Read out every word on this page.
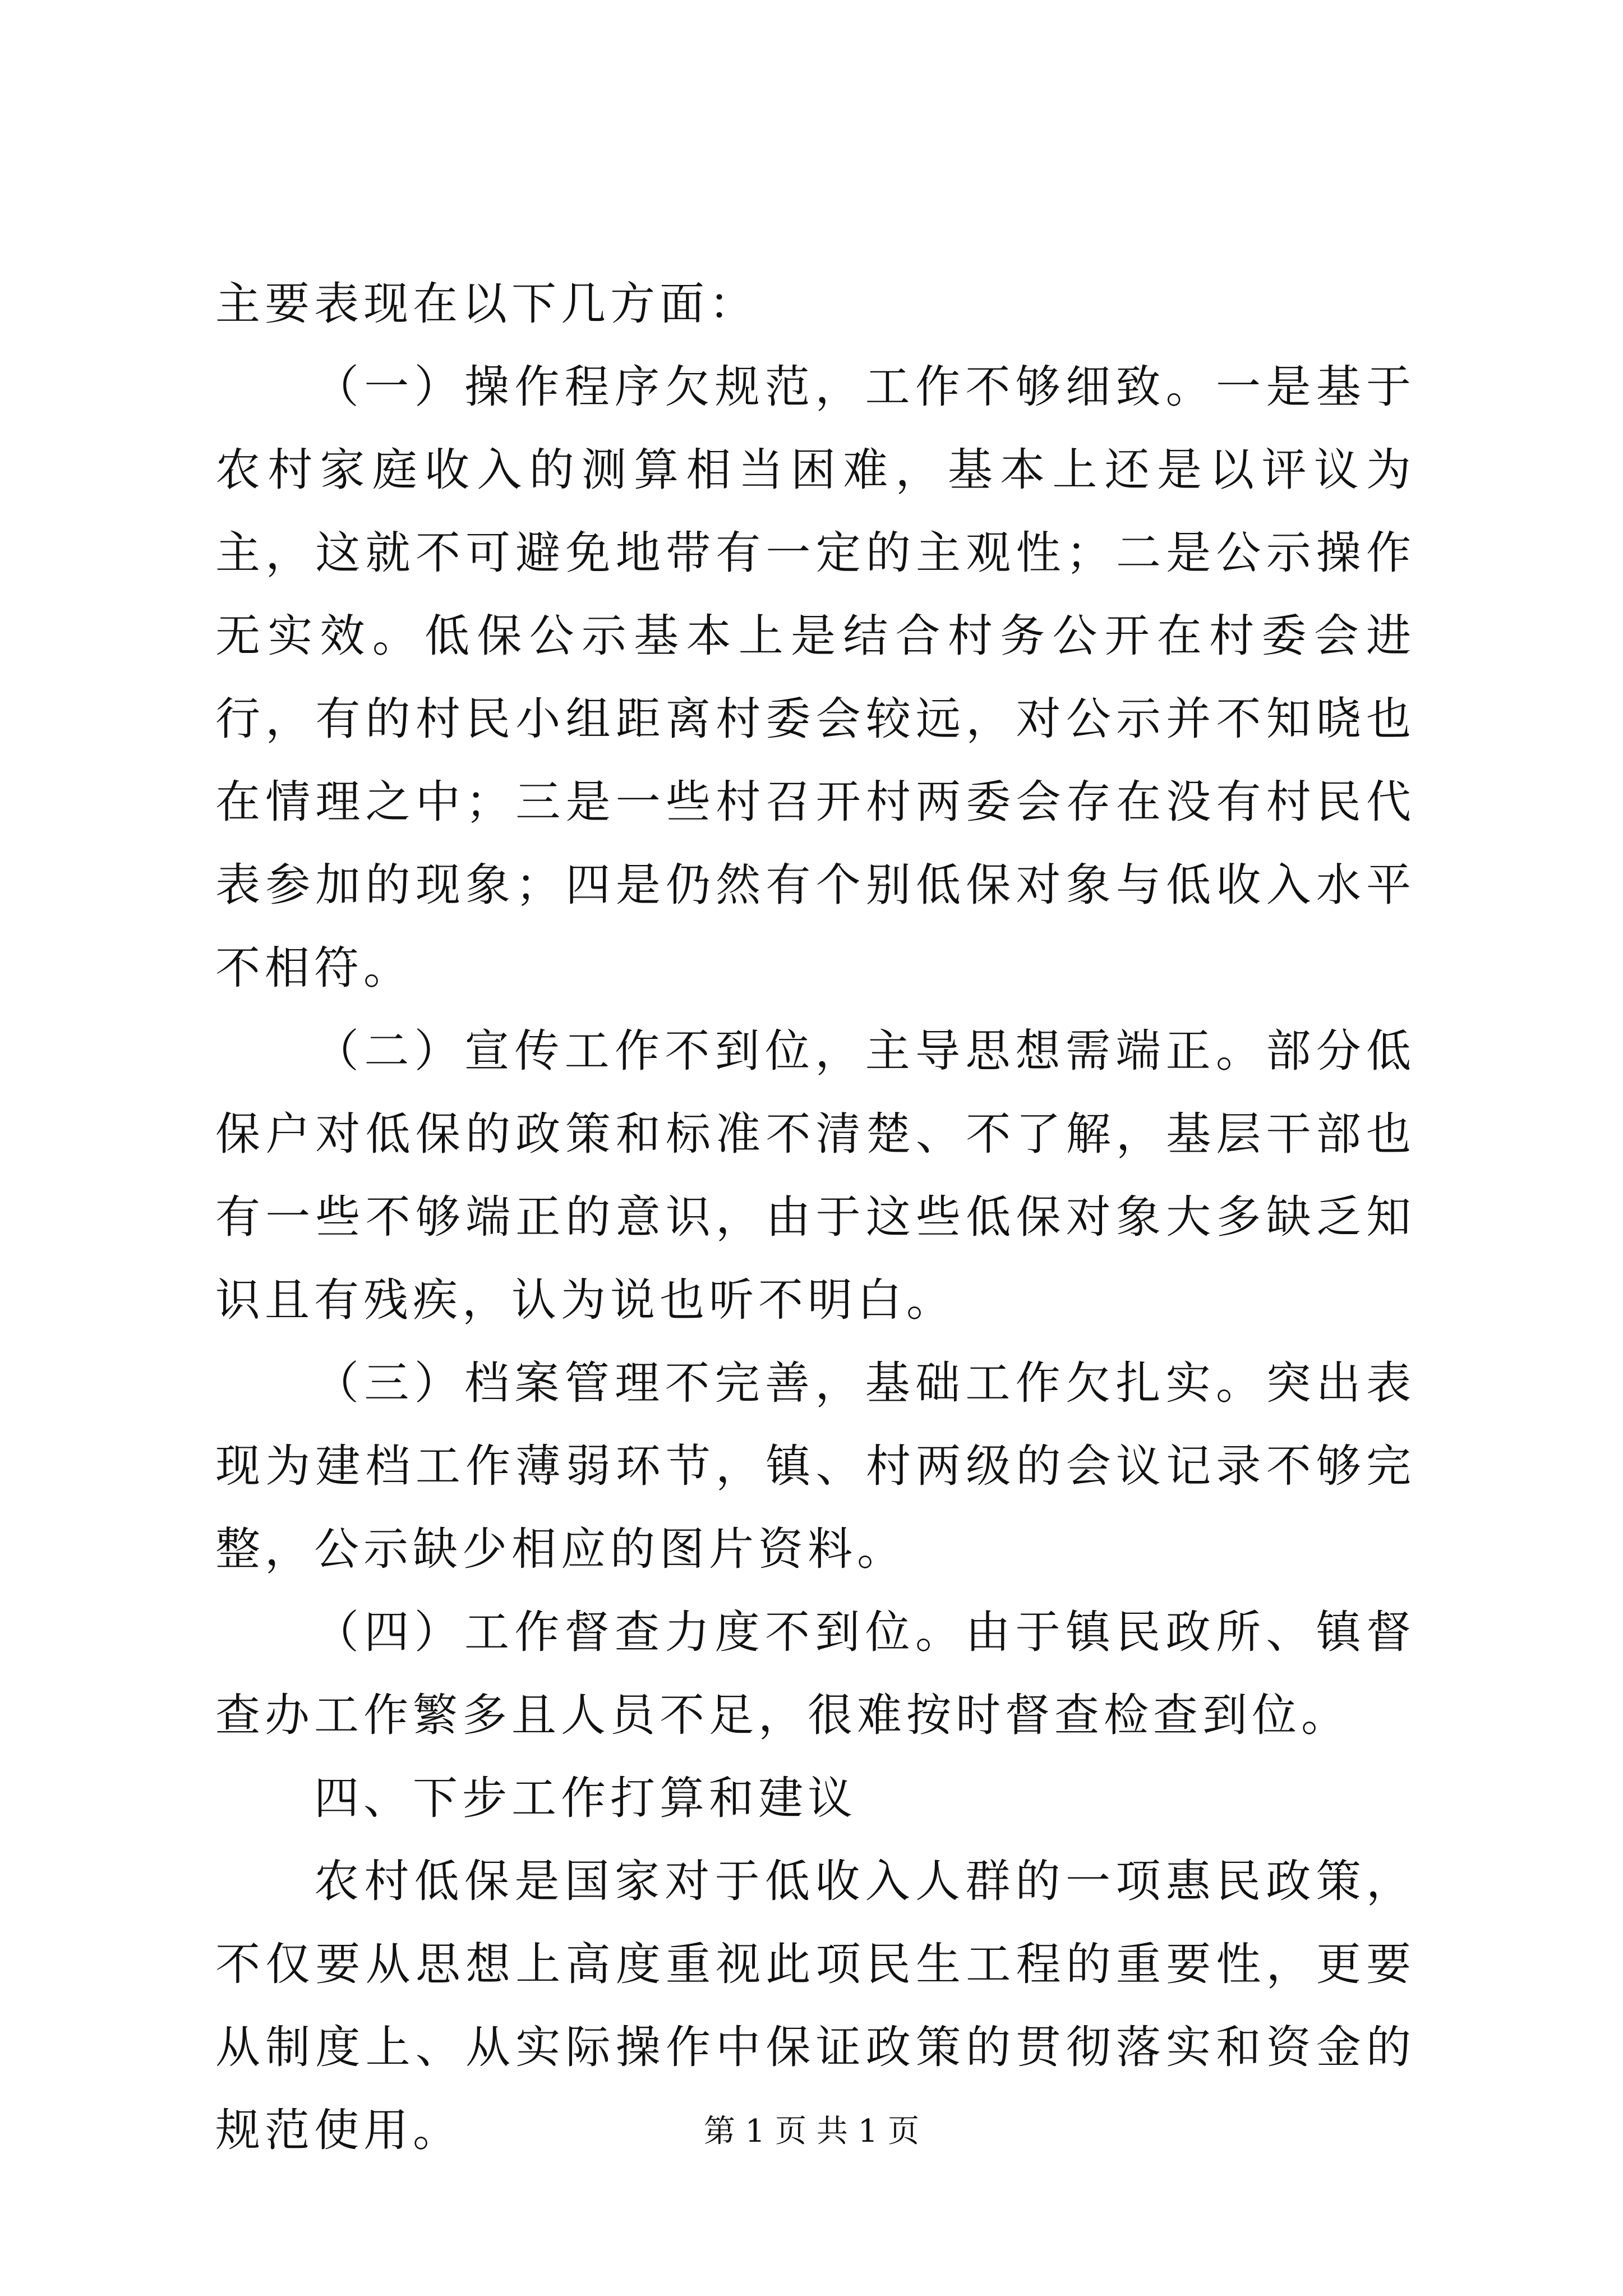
主要表现在以下几方面：

（一）操作程序欠规范，工作不够细致。一是基于农村家庭收入的测算相当困难，基本上还是以评议为主，这就不可避免地带有一定的主观性；二是公示操作无实效。低保公示基本上是结合村务公开在村委会进行，有的村民小组距离村委会较远，对公示并不知晓也在情理之中；三是一些村召开村两委会存在没有村民代表参加的现象；四是仍然有个别低保对象与低收入水平不相符。

（二）宣传工作不到位，主导思想需端正。部分低保户对低保的政策和标准不清楚、不了解，基层干部也有一些不够端正的意识，由于这些低保对象大多缺乏知识且有残疾，认为说也听不明白。

（三）档案管理不完善，基础工作欠扎实。突出表现为建档工作薄弱环节，镇、村两级的会议记录不够完整，公示缺少相应的图片资料。

（四）工作督查力度不到位。由于镇民政所、镇督查办工作繁多且人员不足，很难按时督查检查到位。

四、下步工作打算和建议

农村低保是国家对于低收入人群的一项惠民政策，不仅要从思想上高度重视此项民生工程的重要性，更要从制度上、从实际操作中保证政策的贯彻落实和资金的规范使用。	第 1 页 共 1 页
